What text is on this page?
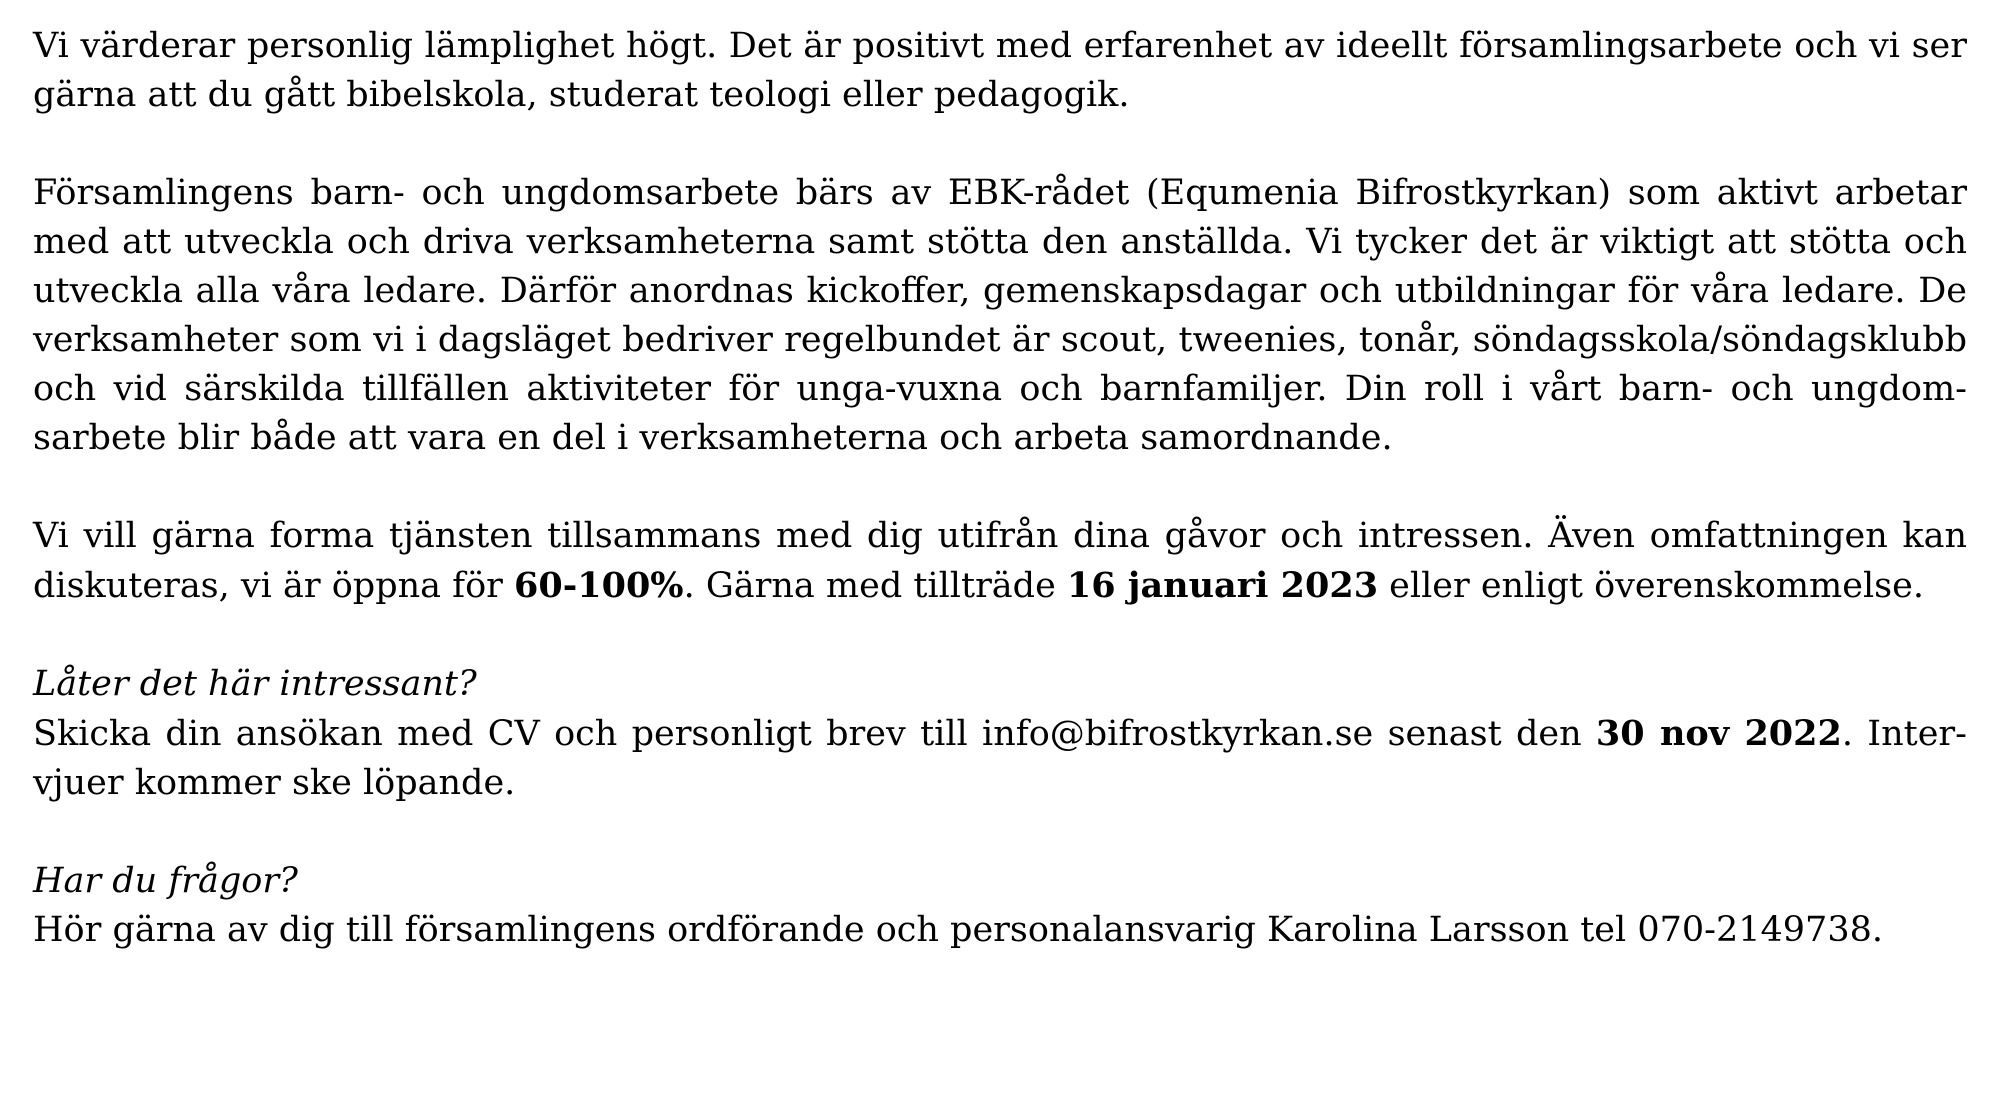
Vi värderar personlig lämplighet högt. Det är positivt med erfarenhet av ideellt församlingsarbete och vi ser
gärna att du gått bibelskola, studerat teologi eller pedagogik.

Församlingens barn- och ungdomsarbete bärs av EBK-rådet (Equmenia Bifrostkyrkan) som aktivt arbetar
med att utveckla och driva verksamheterna samt stötta den anställda. Vi tycker det är viktigt att stötta och
utveckla alla våra ledare. Därför anordnas kickoffer, gemenskapsdagar och utbildningar för våra ledare. De
verksamheter som vi i dagsläget bedriver regelbundet är scout, tweenies, tonår, söndagsskola/söndagsklubb
och vid särskilda tillfällen aktiviteter för unga-vuxna och barnfamiljer. Din roll i vårt barn- och ungdom-
sarbete blir både att vara en del i verksamheterna och arbeta samordnande.

Vi vill gärna forma tjänsten tillsammans med dig utifrån dina gåvor och intressen. Även omfattningen kan
diskuteras, vi är öppna för 60-100%. Gärna med tillträde 16 januari 2023 eller enligt överenskommelse.

Låter det här intressant?
Skicka din ansökan med CV och personligt brev till info@bifrostkyrkan.se senast den 30 nov 2022. Inter-
vjuer kommer ske löpande.

Har du frågor?
Hör gärna av dig till församlingens ordförande och personalansvarig Karolina Larsson tel 070-2149738.
